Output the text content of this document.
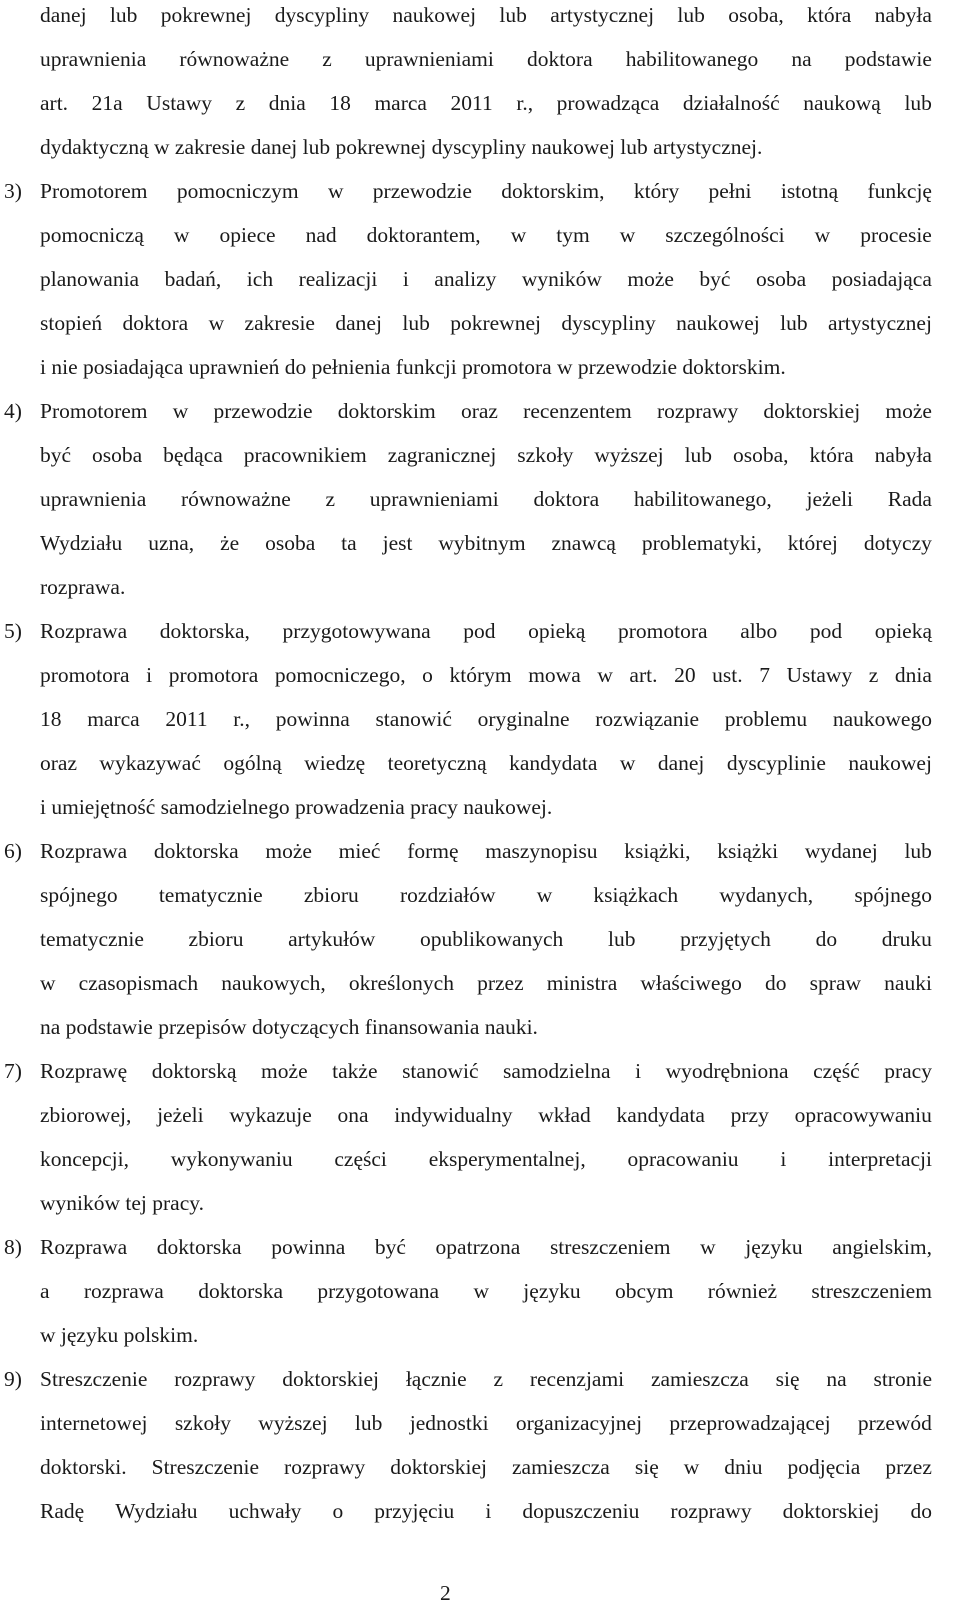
danej lub pokrewnej dyscypliny naukowej lub artystycznej lub osoba, która nabyła
uprawnienia równoważne z uprawnieniami doktora habilitowanego na podstawie
art. 21a Ustawy z dnia 18 marca 2011 r., prowadząca działalność naukową lub
dydaktyczną w zakresie danej lub pokrewnej dyscypliny naukowej lub artystycznej.
3) Promotorem pomocniczym w przewodzie doktorskim, który pełni istotną funkcję
pomocniczą w opiece nad doktorantem, w tym w szczególności w procesie
planowania badań, ich realizacji i analizy wyników może być osoba posiadająca
stopień doktora w zakresie danej lub pokrewnej dyscypliny naukowej lub artystycznej
i nie posiadająca uprawnień do pełnienia funkcji promotora w przewodzie doktorskim.
4) Promotorem w przewodzie doktorskim oraz recenzentem rozprawy doktorskiej może
być osoba będąca pracownikiem zagranicznej szkoły wyższej lub osoba, która nabyła
uprawnienia równoważne z uprawnieniami doktora habilitowanego, jeżeli Rada
Wydziału uzna, że osoba ta jest wybitnym znawcą problematyki, której dotyczy
rozprawa.
5) Rozprawa doktorska, przygotowywana pod opieką promotora albo pod opieką
promotora i promotora pomocniczego, o którym mowa w art. 20 ust. 7 Ustawy z dnia
18 marca 2011 r., powinna stanowić oryginalne rozwiązanie problemu naukowego
oraz wykazywać ogólną wiedzę teoretyczną kandydata w danej dyscyplinie naukowej
i umiejętność samodzielnego prowadzenia pracy naukowej.
6) Rozprawa doktorska może mieć formę maszynopisu książki, książki wydanej lub
spójnego tematycznie zbioru rozdziałów w książkach wydanych, spójnego
tematycznie zbioru artykułów opublikowanych lub przyjętych do druku
w czasopismach naukowych, określonych przez ministra właściwego do spraw nauki
na podstawie przepisów dotyczących finansowania nauki.
7) Rozprawę doktorską może także stanowić samodzielna i wyodrębniona część pracy
zbiorowej, jeżeli wykazuje ona indywidualny wkład kandydata przy opracowywaniu
koncepcji, wykonywaniu części eksperymentalnej, opracowaniu i interpretacji
wyników tej pracy.
8) Rozprawa doktorska powinna być opatrzona streszczeniem w języku angielskim,
a rozprawa doktorska przygotowana w języku obcym również streszczeniem
w języku polskim.
9) Streszczenie rozprawy doktorskiej łącznie z recenzjami zamieszcza się na stronie
internetowej szkoły wyższej lub jednostki organizacyjnej przeprowadzającej przewód
doktorski. Streszczenie rozprawy doktorskiej zamieszcza się w dniu podjęcia przez
Radę Wydziału uchwały o przyjęciu i dopuszczeniu rozprawy doktorskiej do
2
